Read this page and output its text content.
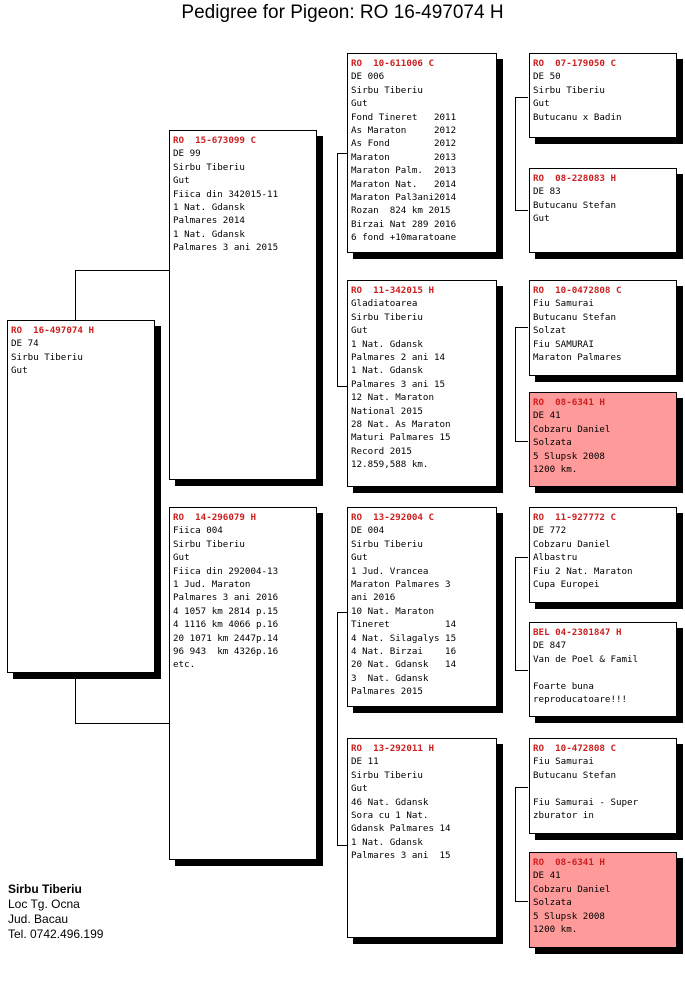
Pedigree for Pigeon: RO 16-497074 H
RO  16-497074 H
DE 74
Sirbu Tiberiu
Gut
RO  15-673099 C
DE 99
Sirbu Tiberiu
Gut
Fiica din 342015-11
1 Nat. Gdansk
Palmares 2014
1 Nat. Gdansk
Palmares 3 ani 2015
RO  14-296079 H
Fiica 004
Sirbu Tiberiu
Gut
Fiica din 292004-13
1 Jud. Maraton
Palmares 3 ani 2016
4 1057 km 2814 p.15
4 1116 km 4066 p.16
20 1071 km 2447p.14
96 943  km 4326p.16
etc.
RO  10-611006 C
DE 006
Sirbu Tiberiu
Gut
Fond Tineret   2011
As Maraton     2012
As Fond        2012
Maraton        2013
Maraton Palm.  2013
Maraton Nat.   2014
Maraton Pal3ani2014
Rozan  824 km 2015
Birzai Nat 289 2016
6 fond +10maratoane
RO  11-342015 H
Gladiatoarea
Sirbu Tiberiu
Gut
1 Nat. Gdansk
Palmares 2 ani 14
1 Nat. Gdansk
Palmares 3 ani 15
12 Nat. Maraton
National 2015
28 Nat. As Maraton
Maturi Palmares 15
Record 2015
12.859,588 km.
RO  13-292004 C
DE 004
Sirbu Tiberiu
Gut
1 Jud. Vrancea
Maraton Palmares 3
ani 2016
10 Nat. Maraton
Tineret          14
4 Nat. Silagalys 15
4 Nat. Birzai    16
20 Nat. Gdansk   14
3  Nat. Gdansk
Palmares 2015
RO  13-292011 H
DE 11
Sirbu Tiberiu
Gut
46 Nat. Gdansk
Sora cu 1 Nat.
Gdansk Palmares 14
1 Nat. Gdansk
Palmares 3 ani  15
RO  07-179050 C
DE 50
Sirbu Tiberiu
Gut
Butucanu x Badin
RO  08-228083 H
DE 83
Butucanu Stefan
Gut
RO  10-0472808 C
Fiu Samurai
Butucanu Stefan
Solzat
Fiu SAMURAI
Maraton Palmares
RO  08-6341 H
DE 41
Cobzaru Daniel
Solzata
5 Slupsk 2008
1200 km.
RO  11-927772 C
DE 772
Cobzaru Daniel
Albastru
Fiu 2 Nat. Maraton
Cupa Europei
BEL 04-2301847 H
DE 847
Van de Poel & Famil
Foarte buna
reproducatoare!!!
RO  10-472808 C
Fiu Samurai
Butucanu Stefan
Fiu Samurai - Super
zburator in
RO  08-6341 H
DE 41
Cobzaru Daniel
Solzata
5 Slupsk 2008
1200 km.
Sirbu Tiberiu
Loc Tg. Ocna
Jud. Bacau
Tel. 0742.496.199
